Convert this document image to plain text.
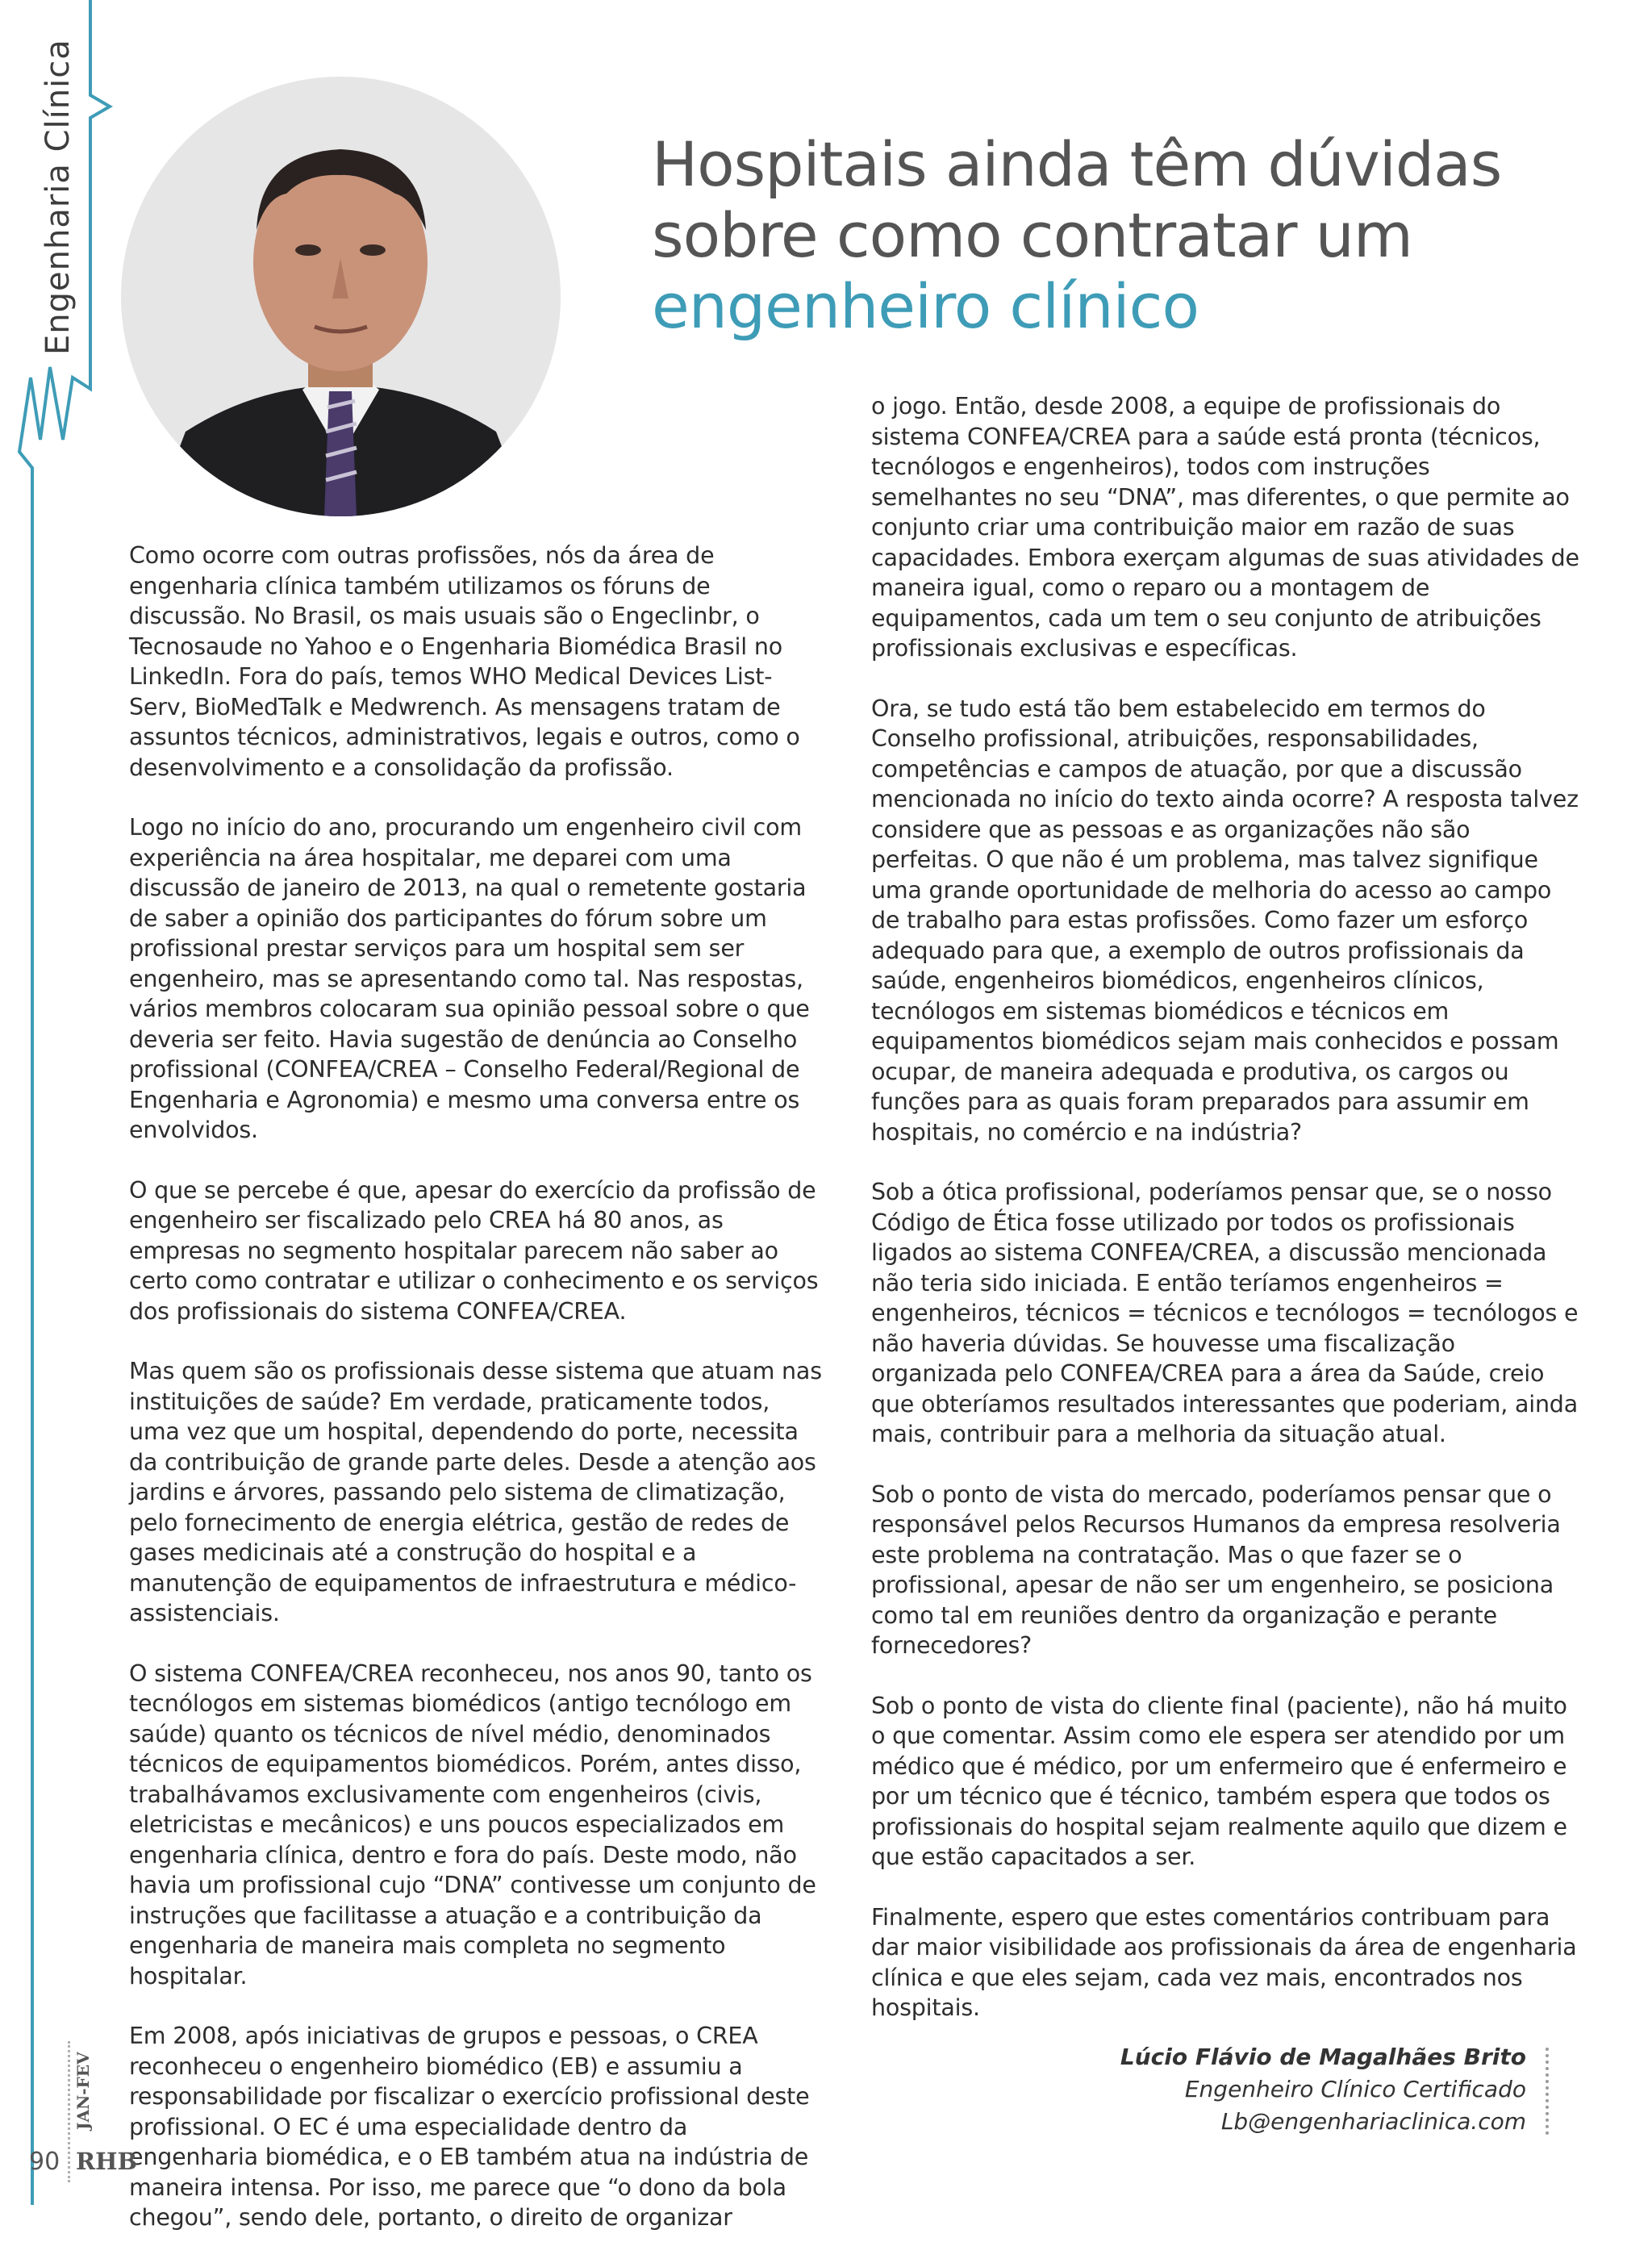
Engenharia Clínica	Hospitais ainda têm dúvidas
sobre como contratar um
engenheiro clínico

Como ocorre com outras profissões, nós da área de engenharia clínica também utilizamos os fóruns de discussão. No Brasil, os mais usuais são o Engeclinbr, o Tecnosaude no Yahoo e o Engenharia Biomédica Brasil no LinkedIn. Fora do país, temos WHO Medical Devices List-Serv, BioMedTalk e Medwrench. As mensagens tratam de assuntos técnicos, administrativos, legais e outros, como o desenvolvimento e a consolidação da profissão.

Logo no início do ano, procurando um engenheiro civil com experiência na área hospitalar, me deparei com uma discussão de janeiro de 2013, na qual o remetente gostaria de saber a opinião dos participantes do fórum sobre um profissional prestar serviços para um hospital sem ser engenheiro, mas se apresentando como tal. Nas respostas, vários membros colocaram sua opinião pessoal sobre o que deveria ser feito. Havia sugestão de denúncia ao Conselho profissional (CONFEA/CREA – Conselho Federal/Regional de Engenharia e Agronomia) e mesmo uma conversa entre os envolvidos.

O que se percebe é que, apesar do exercício da profissão de engenheiro ser fiscalizado pelo CREA há 80 anos, as empresas no segmento hospitalar parecem não saber ao certo como contratar e utilizar o conhecimento e os serviços dos profissionais do sistema CONFEA/CREA.

Mas quem são os profissionais desse sistema que atuam nas instituições de saúde? Em verdade, praticamente todos, uma vez que um hospital, dependendo do porte, necessita da contribuição de grande parte deles. Desde a atenção aos jardins e árvores, passando pelo sistema de climatização, pelo fornecimento de energia elétrica, gestão de redes de gases medicinais até a construção do hospital e a manutenção de equipamentos de infraestrutura e médico-assistenciais.

O sistema CONFEA/CREA reconheceu, nos anos 90, tanto os tecnólogos em sistemas biomédicos (antigo tecnólogo em saúde) quanto os técnicos de nível médio, denominados técnicos de equipamentos biomédicos. Porém, antes disso, trabalhávamos exclusivamente com engenheiros (civis, eletricistas e mecânicos) e uns poucos especializados em engenharia clínica, dentro e fora do país. Deste modo, não havia um profissional cujo “DNA” contivesse um conjunto de instruções que facilitasse a atuação e a contribuição da engenharia de maneira mais completa no segmento hospitalar.

Em 2008, após iniciativas de grupos e pessoas, o CREA reconheceu o engenheiro biomédico (EB) e assumiu a responsabilidade por fiscalizar o exercício profissional deste profissional. O EC é uma especialidade dentro da engenharia biomédica, e o EB também atua na indústria de maneira intensa. Por isso, me parece que “o dono da bola chegou”, sendo dele, portanto, o direito de organizar

o jogo. Então, desde 2008, a equipe de profissionais do sistema CONFEA/CREA para a saúde está pronta (técnicos, tecnólogos e engenheiros), todos com instruções semelhantes no seu “DNA”, mas diferentes, o que permite ao conjunto criar uma contribuição maior em razão de suas capacidades. Embora exerçam algumas de suas atividades de maneira igual, como o reparo ou a montagem de equipamentos, cada um tem o seu conjunto de atribuições profissionais exclusivas e específicas.

Ora, se tudo está tão bem estabelecido em termos do Conselho profissional, atribuições, responsabilidades, competências e campos de atuação, por que a discussão mencionada no início do texto ainda ocorre? A resposta talvez considere que as pessoas e as organizações não são perfeitas. O que não é um problema, mas talvez signifique uma grande oportunidade de melhoria do acesso ao campo de trabalho para estas profissões. Como fazer um esforço adequado para que, a exemplo de outros profissionais da saúde, engenheiros biomédicos, engenheiros clínicos, tecnólogos em sistemas biomédicos e técnicos em equipamentos biomédicos sejam mais conhecidos e possam ocupar, de maneira adequada e produtiva, os cargos ou funções para as quais foram preparados para assumir em hospitais, no comércio e na indústria?

Sob a ótica profissional, poderíamos pensar que, se o nosso Código de Ética fosse utilizado por todos os profissionais ligados ao sistema CONFEA/CREA, a discussão mencionada não teria sido iniciada. E então teríamos engenheiros = engenheiros, técnicos = técnicos e tecnólogos = tecnólogos e não haveria dúvidas. Se houvesse uma fiscalização organizada pelo CONFEA/CREA para a área da Saúde, creio que obteríamos resultados interessantes que poderiam, ainda mais, contribuir para a melhoria da situação atual.

Sob o ponto de vista do mercado, poderíamos pensar que o responsável pelos Recursos Humanos da empresa resolveria este problema na contratação. Mas o que fazer se o profissional, apesar de não ser um engenheiro, se posiciona como tal em reuniões dentro da organização e perante fornecedores?

Sob o ponto de vista do cliente final (paciente), não há muito o que comentar. Assim como ele espera ser atendido por um médico que é médico, por um enfermeiro que é enfermeiro e por um técnico que é técnico, também espera que todos os profissionais do hospital sejam realmente aquilo que dizem e que estão capacitados a ser.

Finalmente, espero que estes comentários contribuam para dar maior visibilidade aos profissionais da área de engenharia clínica e que eles sejam, cada vez mais, encontrados nos hospitais.

Lúcio Flávio de Magalhães Brito
Engenheiro Clínico Certificado
Lb@engenhariaclinica.com
JAN-FEV
90 RHB
